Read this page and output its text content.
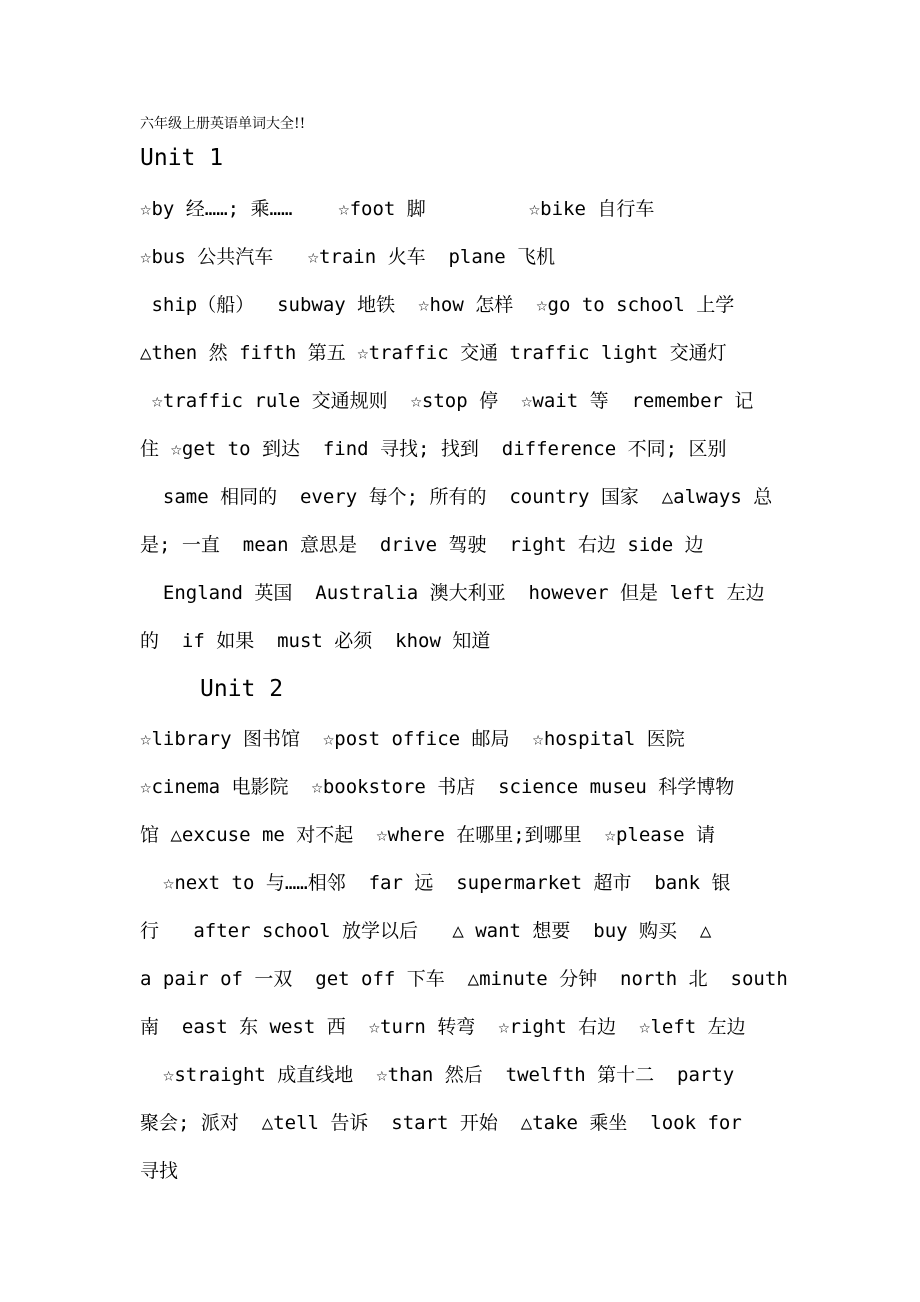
六年级上册英语单词大全!!
Unit 1
☆by 经……; 乘……    ☆foot 脚         ☆bike 自行车
☆bus 公共汽车   ☆train 火车  plane 飞机
ship（船）  subway 地铁  ☆how 怎样  ☆go to school 上学
△then 然 fifth 第五 ☆traffic 交通 traffic light 交通灯
☆traffic rule 交通规则  ☆stop 停  ☆wait 等  remember 记
住 ☆get to 到达  find 寻找; 找到  difference 不同; 区别
same 相同的  every 每个; 所有的  country 国家  △always 总
是; 一直  mean 意思是  drive 驾驶  right 右边 side 边
England 英国  Australia 澳大利亚  however 但是 left 左边
的  if 如果  must 必须  khow 知道
Unit 2
☆library 图书馆  ☆post office 邮局  ☆hospital 医院
☆cinema 电影院  ☆bookstore 书店  science museu 科学博物
馆 △excuse me 对不起  ☆where 在哪里;到哪里  ☆please 请
☆next to 与……相邻  far 远  supermarket 超市  bank 银
行   after school 放学以后   △ want 想要  buy 购买  △
a pair of 一双  get off 下车  △minute 分钟  north 北  south
南  east 东 west 西  ☆turn 转弯  ☆right 右边  ☆left 左边
☆straight 成直线地  ☆than 然后  twelfth 第十二  party
聚会; 派对  △tell 告诉  start 开始  △take 乘坐  look for
寻找
